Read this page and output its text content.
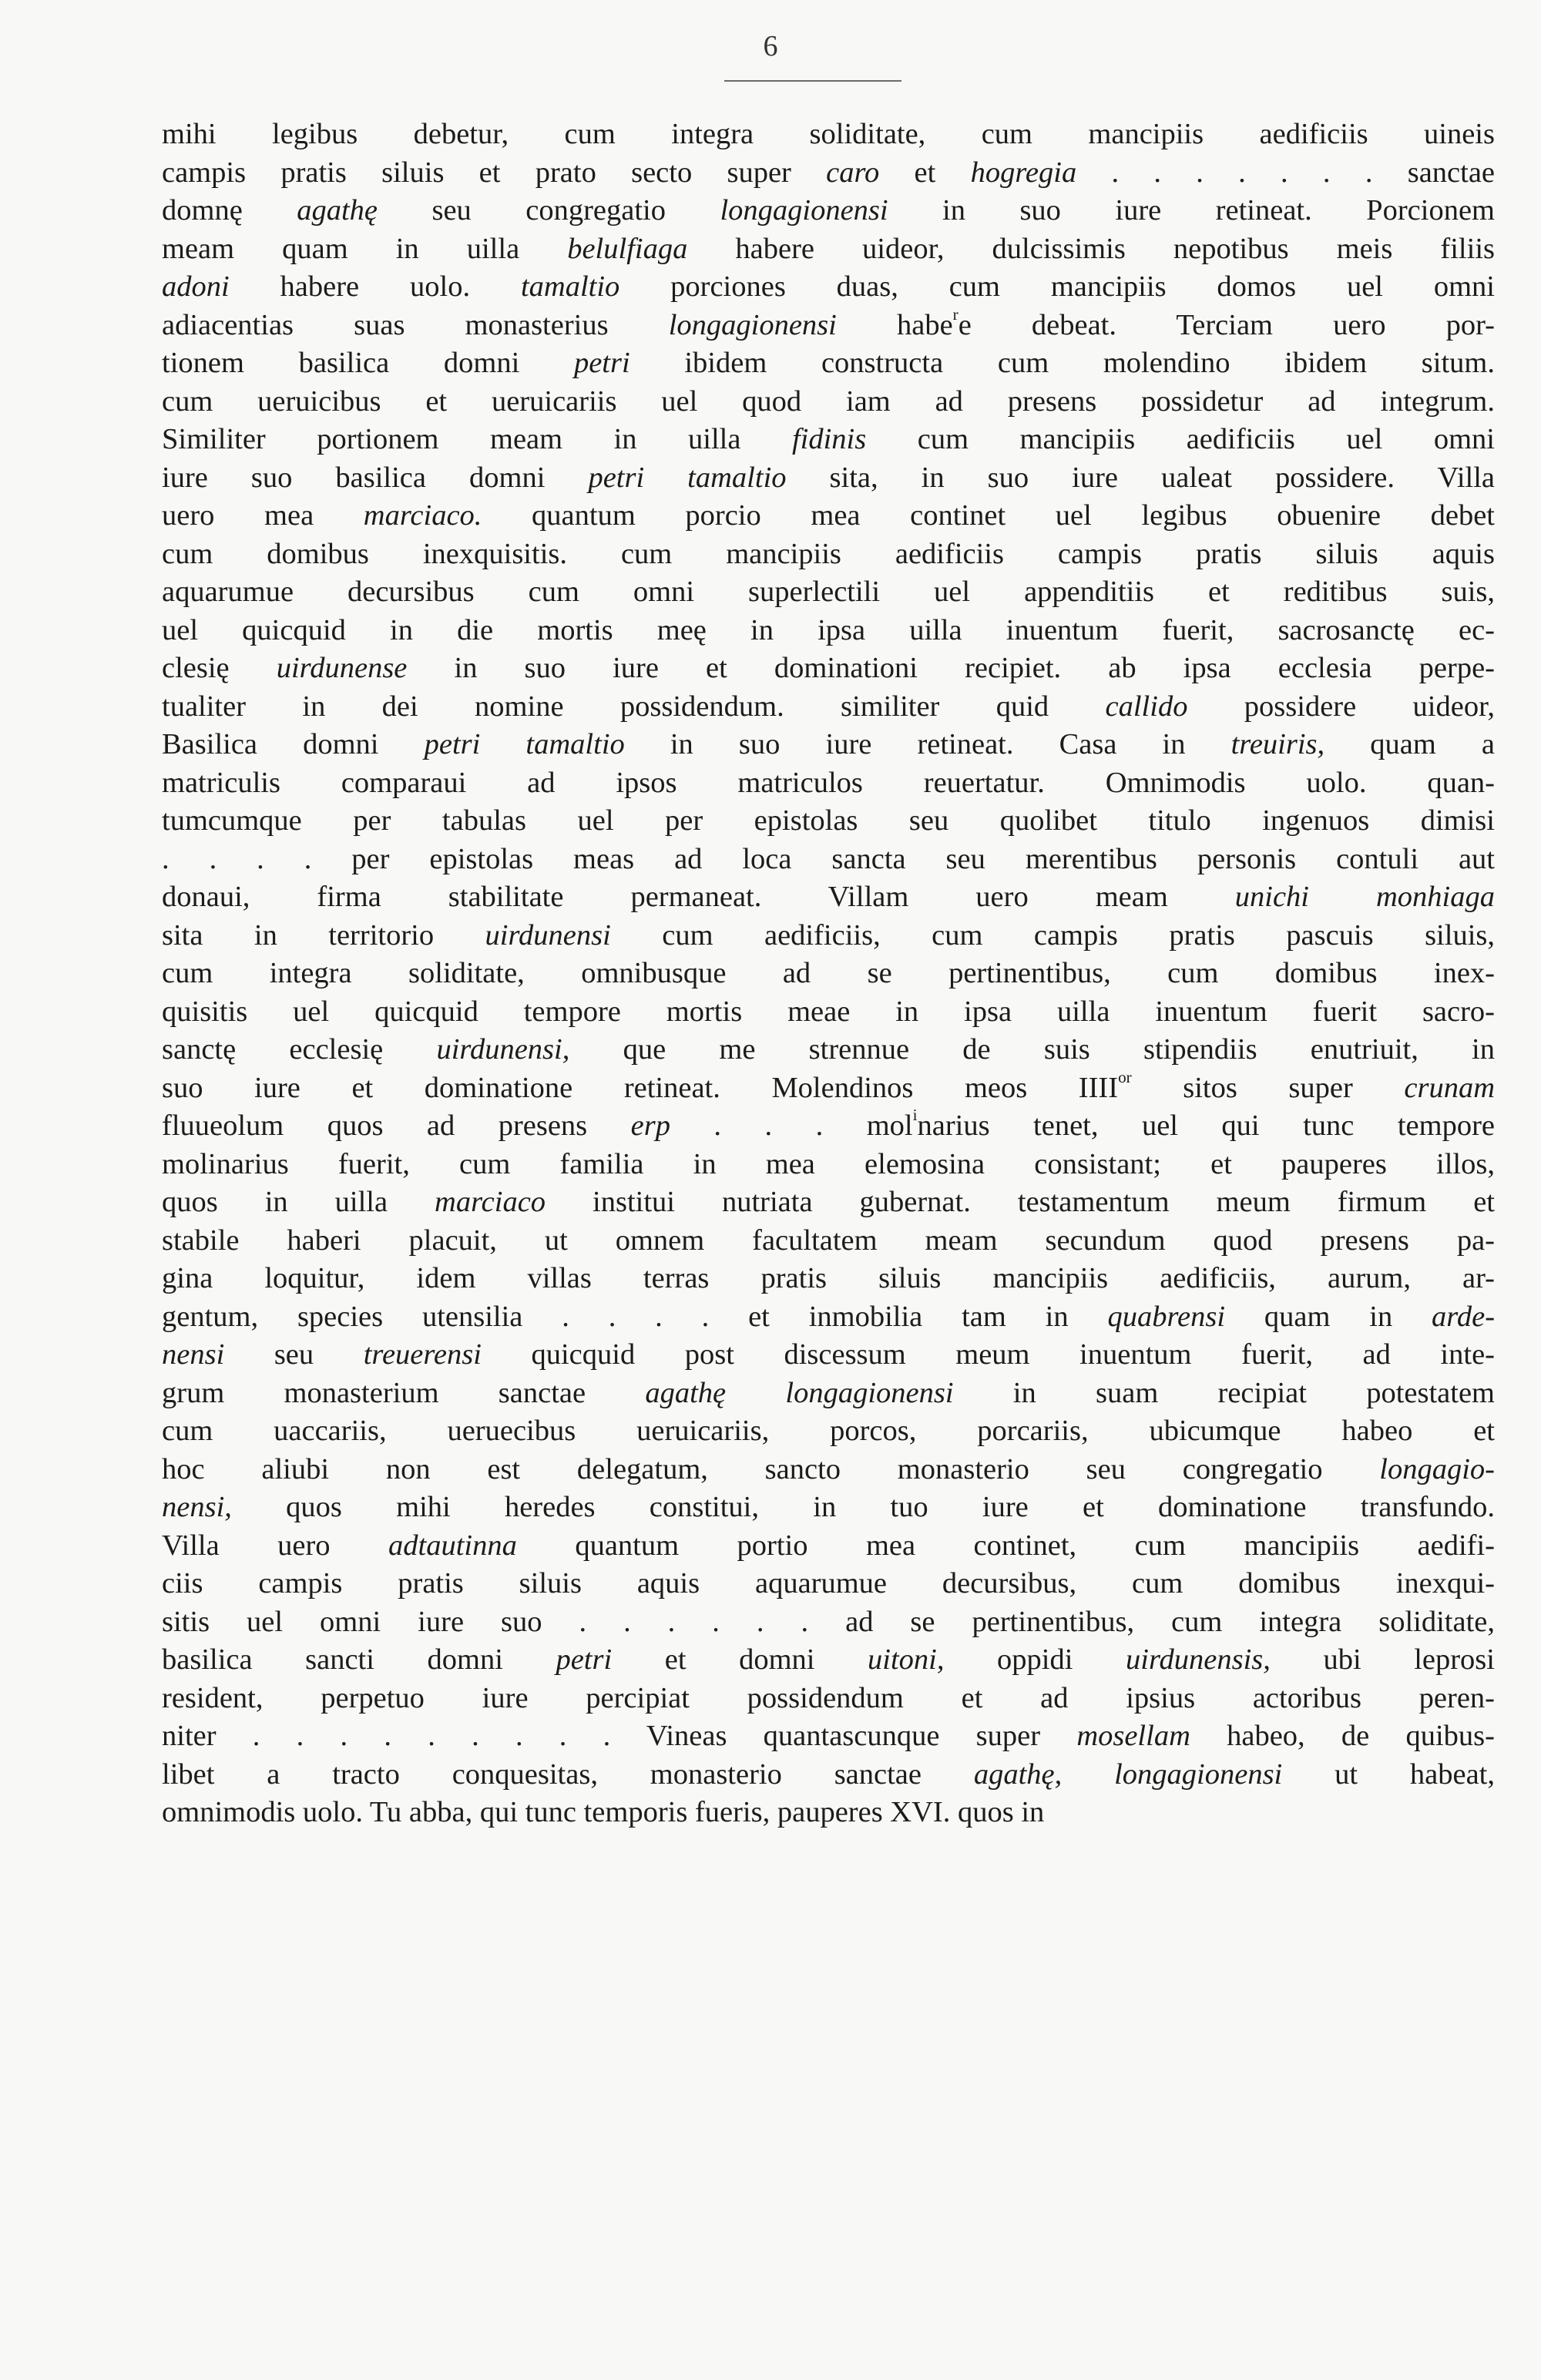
6
mihi legibus debetur, cum integra soliditate, cum mancipiis aedificiis uineis
campis pratis siluis et prato secto super caro et hogregia . . . . . . . sanctae
domnę agathę seu congregatio longagionensi in suo iure retineat. Porcionem
meam quam in uilla belulfiaga habere uideor, dulcissimis nepotibus meis filiis
adoni habere uolo. tamaltio porciones duas, cum mancipiis domos uel omni
adiacentias suas monasterius longagionensi habe$^r$e debeat. Terciam uero por-
tionem basilica domni petri ibidem constructa cum molendino ibidem situm.
cum ueruicibus et ueruicariis uel quod iam ad presens possidetur ad integrum.
Similiter portionem meam in uilla fidinis cum mancipiis aedificiis uel omni
iure suo basilica domni petri tamaltio sita, in suo iure ualeat possidere. Villa
uero mea marciaco. quantum porcio mea continet uel legibus obuenire debet
cum domibus inexquisitis. cum mancipiis aedificiis campis pratis siluis aquis
aquarumue decursibus cum omni superlectili uel appenditiis et reditibus suis,
uel quicquid in die mortis meę in ipsa uilla inuentum fuerit, sacrosanctę ec-
clesię uirdunense in suo iure et dominationi recipiet. ab ipsa ecclesia perpe-
tualiter in dei nomine possidendum. similiter quid callido possidere uideor,
Basilica domni petri tamaltio in suo iure retineat. Casa in treuiris, quam a
matriculis comparaui ad ipsos matriculos reuertatur. Omnimodis uolo. quan-
tumcumque per tabulas uel per epistolas seu quolibet titulo ingenuos dimisi
. . . . per epistolas meas ad loca sancta seu merentibus personis contuli aut
donaui, firma stabilitate permaneat. Villam uero meam unichi monhiaga
sita in territorio uirdunensi cum aedificiis, cum campis pratis pascuis siluis,
cum integra soliditate, omnibusque ad se pertinentibus, cum domibus inex-
quisitis uel quicquid tempore mortis meae in ipsa uilla inuentum fuerit sacro-
sanctę ecclesię uirdunensi, que me strennue de suis stipendiis enutriuit, in
suo iure et dominatione retineat. Molendinos meos $IIII^{or}$ sitos super crunam
fluueolum quos ad presens erp . . . mol$^i$narius tenet, uel qui tunc tempore
molinarius fuerit, cum familia in mea elemosina consistant; et pauperes illos,
quos in uilla marciaco institui nutriata gubernat. testamentum meum firmum et
stabile haberi placuit, ut omnem facultatem meam secundum quod presens pa-
gina loquitur, idem villas terras pratis siluis mancipiis aedificiis, aurum, ar-
gentum, species utensilia . . . . et inmobilia tam in quabrensi quam in arde-
nensi seu treuerensi quicquid post discessum meum inuentum fuerit, ad inte-
grum monasterium sanctae agathę longagionensi in suam recipiat potestatem
cum uaccariis, ueruecibus ueruicariis, porcos, porcariis, ubicumque habeo et
hoc aliubi non est delegatum, sancto monasterio seu congregatio longagio-
nensi, quos mihi heredes constitui, in tuo iure et dominatione transfundo.
Villa uero adtautinna quantum portio mea continet, cum mancipiis aedifi-
ciis campis pratis siluis aquis aquarumue decursibus, cum domibus inexqui-
sitis uel omni iure suo . . . . . . ad se pertinentibus, cum integra soliditate,
basilica sancti domni petri et domni uitoni, oppidi uirdunensis, ubi leprosi
resident, perpetuo iure percipiat possidendum et ad ipsius actoribus peren-
niter . . . . . . . . . Vineas quantascunque super mosellam habeo, de quibus-
libet a tracto conquesitas, monasterio sanctae agathę, longagionensi ut habeat,
omnimodis uolo. Tu abba, qui tunc temporis fueris, pauperes XVI. quos in
